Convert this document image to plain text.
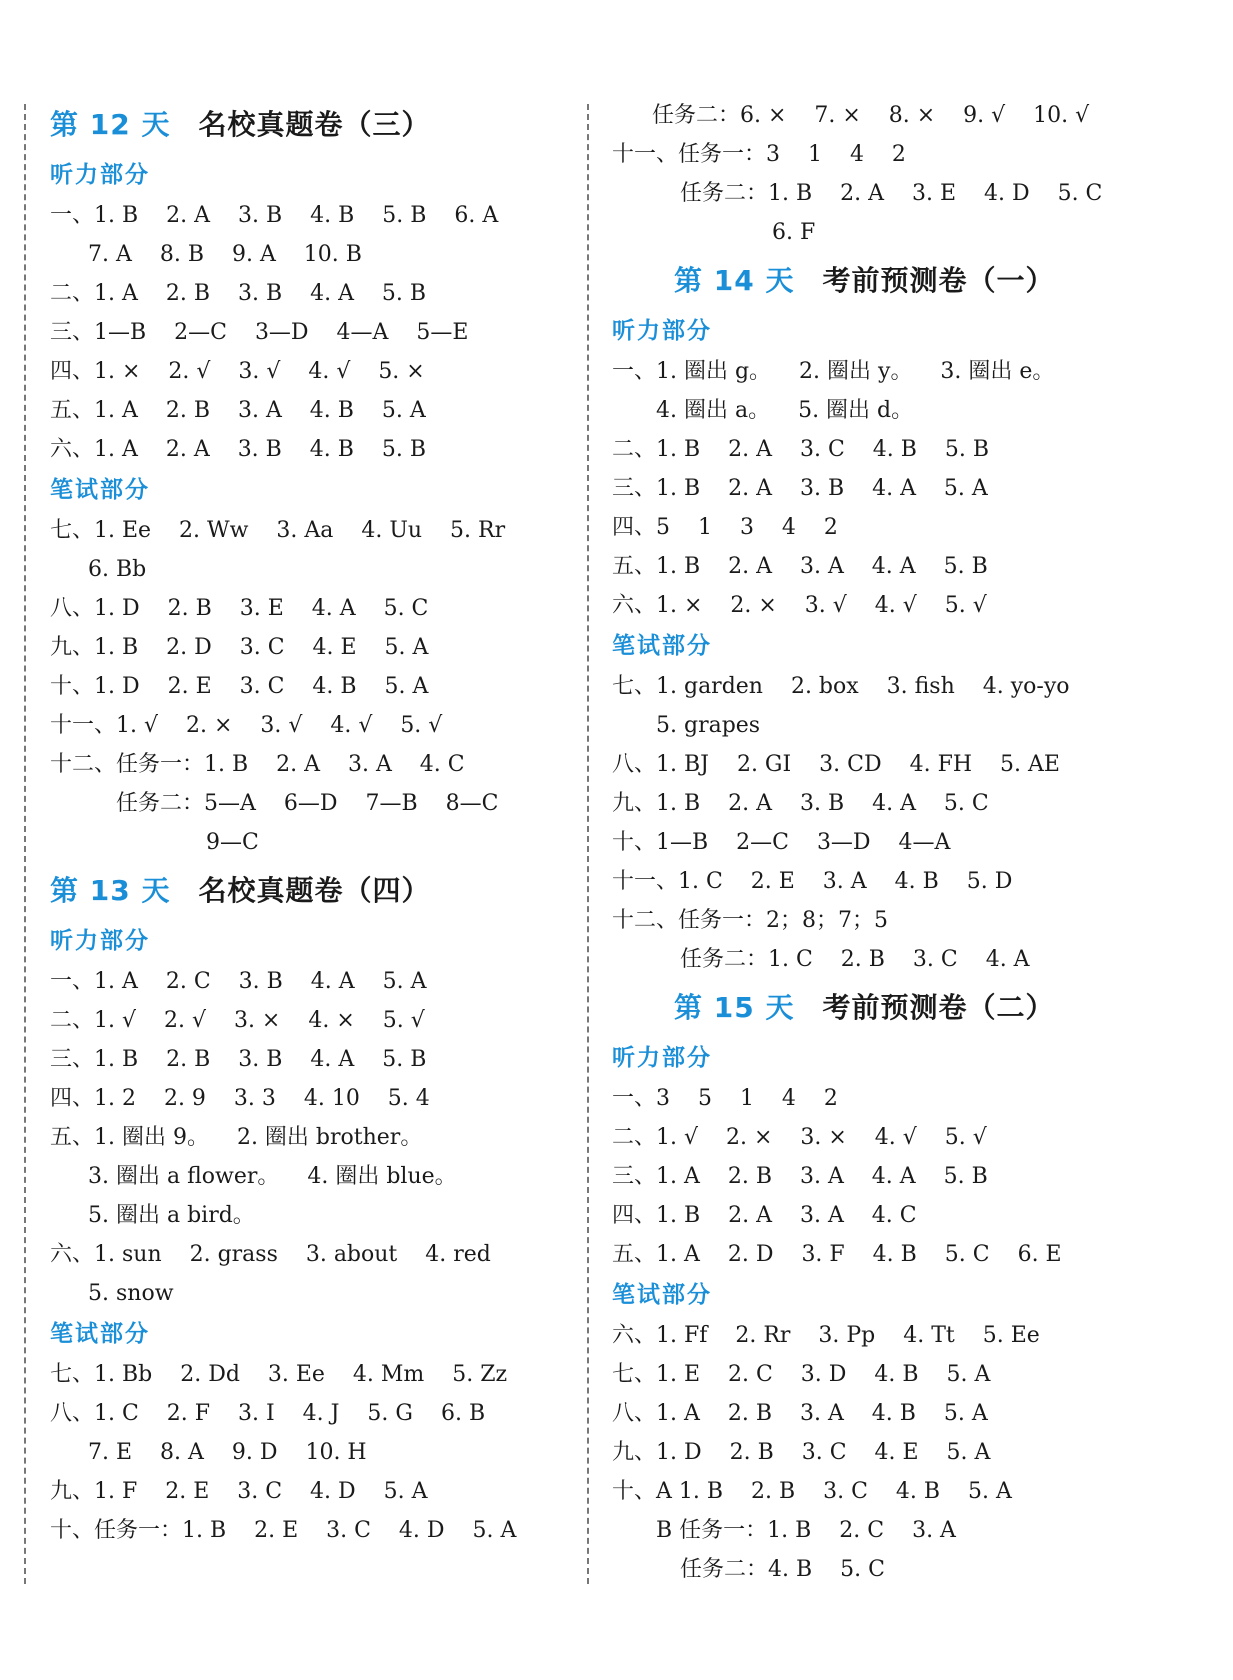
第 12 天 名校真题卷（三）
听力部分
一、1. B    2. A    3. B    4. B    5. B    6. A
7. A    8. B    9. A    10. B
二、1. A    2. B    3. B    4. A    5. B
三、1—B    2—C    3—D    4—A    5—E
四、1. ×    2. √    3. √    4. √    5. ×
五、1. A    2. B    3. A    4. B    5. A
六、1. A    2. A    3. B    4. B    5. B
笔试部分
七、1. Ee    2. Ww    3. Aa    4. Uu    5. Rr
6. Bb
八、1. D    2. B    3. E    4. A    5. C
九、1. B    2. D    3. C    4. E    5. A
十、1. D    2. E    3. C    4. B    5. A
十一、1. √    2. ×    3. √    4. √    5. √
十二、任务一：1. B    2. A    3. A    4. C
任务二：5—A    6—D    7—B    8—C
9—C
第 13 天 名校真题卷（四）
听力部分
一、1. A    2. C    3. B    4. A    5. A
二、1. √    2. √    3. ×    4. ×    5. √
三、1. B    2. B    3. B    4. A    5. B
四、1. 2    2. 9    3. 3    4. 10    5. 4
五、1. 圈出 9。    2. 圈出 brother。
3. 圈出 a flower。    4. 圈出 blue。
5. 圈出 a bird。
六、1. sun    2. grass    3. about    4. red
5. snow
笔试部分
七、1. Bb    2. Dd    3. Ee    4. Mm    5. Zz
八、1. C    2. F    3. I    4. J    5. G    6. B
7. E    8. A    9. D    10. H
九、1. F    2. E    3. C    4. D    5. A
十、任务一：1. B    2. E    3. C    4. D    5. A
任务二：6. ×    7. ×    8. ×    9. √    10. √
十一、任务一：3    1    4    2
任务二：1. B    2. A    3. E    4. D    5. C
6. F
第 14 天 考前预测卷（一）
听力部分
一、1. 圈出 g。    2. 圈出 y。    3. 圈出 e。
4. 圈出 a。    5. 圈出 d。
二、1. B    2. A    3. C    4. B    5. B
三、1. B    2. A    3. B    4. A    5. A
四、5    1    3    4    2
五、1. B    2. A    3. A    4. A    5. B
六、1. ×    2. ×    3. √    4. √    5. √
笔试部分
七、1. garden    2. box    3. fish    4. yo-yo
5. grapes
八、1. BJ    2. GI    3. CD    4. FH    5. AE
九、1. B    2. A    3. B    4. A    5. C
十、1—B    2—C    3—D    4—A
十一、1. C    2. E    3. A    4. B    5. D
十二、任务一：2；8；7；5
任务二：1. C    2. B    3. C    4. A
第 15 天 考前预测卷（二）
听力部分
一、3    5    1    4    2
二、1. √    2. ×    3. ×    4. √    5. √
三、1. A    2. B    3. A    4. A    5. B
四、1. B    2. A    3. A    4. C
五、1. A    2. D    3. F    4. B    5. C    6. E
笔试部分
六、1. Ff    2. Rr    3. Pp    4. Tt    5. Ee
七、1. E    2. C    3. D    4. B    5. A
八、1. A    2. B    3. A    4. B    5. A
九、1. D    2. B    3. C    4. E    5. A
十、A 1. B    2. B    3. C    4. B    5. A
B 任务一：1. B    2. C    3. A
任务二：4. B    5. C
